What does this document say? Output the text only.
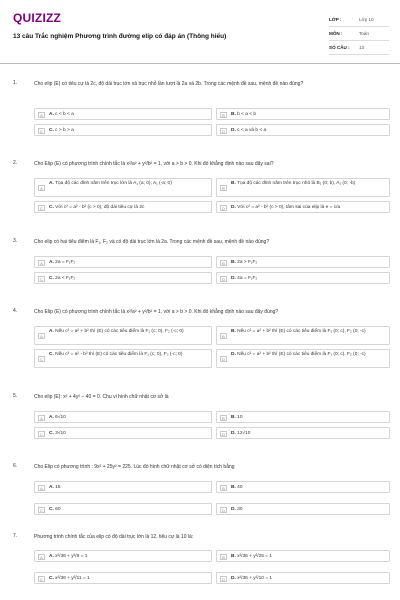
QUIZIZZ
13 câu Trắc nghiệm Phương trình đường elip có đáp án (Thông hiểu)
LỚP :	Lớp 10
MÔN :	Toán
SỐ CÂU :	13
1.	Cho elip (E) có tiêu cự là 2c, độ dài trục lớn và trục nhỏ lần lượt là 2a và 2b. Trong các mệnh đề sau, mệnh đề nào đúng?
A	A. c < b < a	B	B. b < a < b
C	C. c > b > a	D	D. c < a và b < a
2.	Cho Elip (E) có phương trình chính tắc là x²/a² + y²/b² = 1, với a > b > 0. Khi đó khẳng định nào sau đây sai?
A
A. Tọa độ các đỉnh nằm trên trục lớn là A₁ (a; 0), A₁ (-a; 0)
B
B. Tọa độ các đỉnh nằm trên trục nhỏ là B₁ (0; b), A₁ (0; -b)
C	C. Với c² = a² - b² (c > 0), độ dài tiêu cự là 2c	D	D. Với c² = a² - b² (c > 0), tâm sai của elip là e = c/a
3.	Cho elip có hai tiêu điểm là F₁, F₂ và có độ dài trục lớn là 2a. Trong các mệnh đề sau, mệnh đề nào đúng?
A	A. 2a = F₁F₂	B	B. 2a > F₁F₂
C	C. 2a < F₁F₂	D	D. 4a = F₁F₂
4.	Cho Elip (E) có phương trình chính tắc là x²/a² + y²/b² = 1, với a > b > 0. Khi đó khẳng định nào sau đây đúng?
A
A. Nếu c² = a² + b² thì (E) có các tiêu điểm là F₁ (c; 0), F₂ (-c; 0)
B
B. Nếu c² = a² + b² thì (E) có các tiêu điểm là F₁ (0; c), F₂ (0; -c)
C
C. Nếu c² = a² - b² thì (E) có các tiêu điểm là F₁ (c; 0), F₂ (-c; 0)
D
D. Nếu c² = a² + b² thì (E) có các tiêu điểm là F₁ (0; c), F₂ (0; -c)
5.	Cho elip (E): x² + 4y² − 40 = 0. Chu vi hình chữ nhật cơ sở là
A	A. 6√10	B	B. 10
C	C. 3√10	D	D. 12√10
6.	Cho Elip có phương trình : 9x² + 25y² = 225. Lúc đó hình chữ nhật cơ sở có diện tích bằng
A	A. 15	B	B. 40
C	C. 60	D	D. 30
7.	Phương trình chính tắc của elip có độ dài trục lớn là 12, tiêu cự là 10 là:
A	A. x²/36 + y²/9 = 1	B	B. x²/36 + y²/25 = 1
C	C. x²/36 + y²/11 = 1	D	D. x²/36 + y²/10 = 1
